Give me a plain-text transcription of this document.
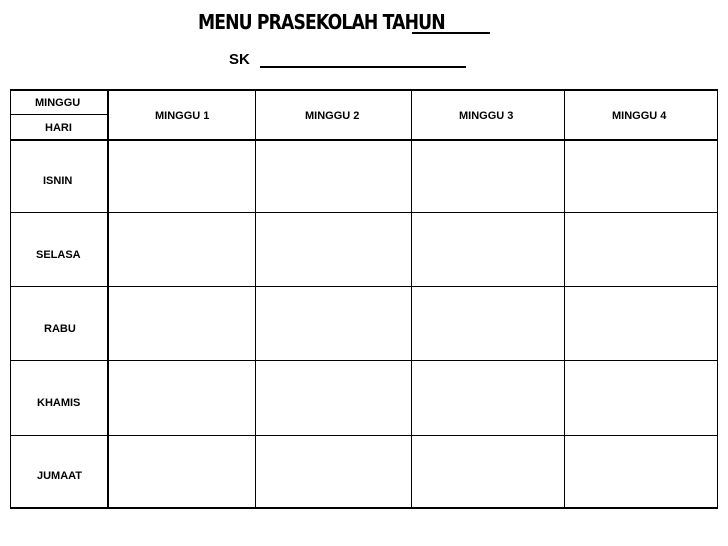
MENU PRASEKOLAH TAHUN
SK
MINGGU
HARI
MINGGU 1	MINGGU 2	MINGGU 3	MINGGU 4
ISNIN
SELASA
RABU
KHAMIS
JUMAAT
